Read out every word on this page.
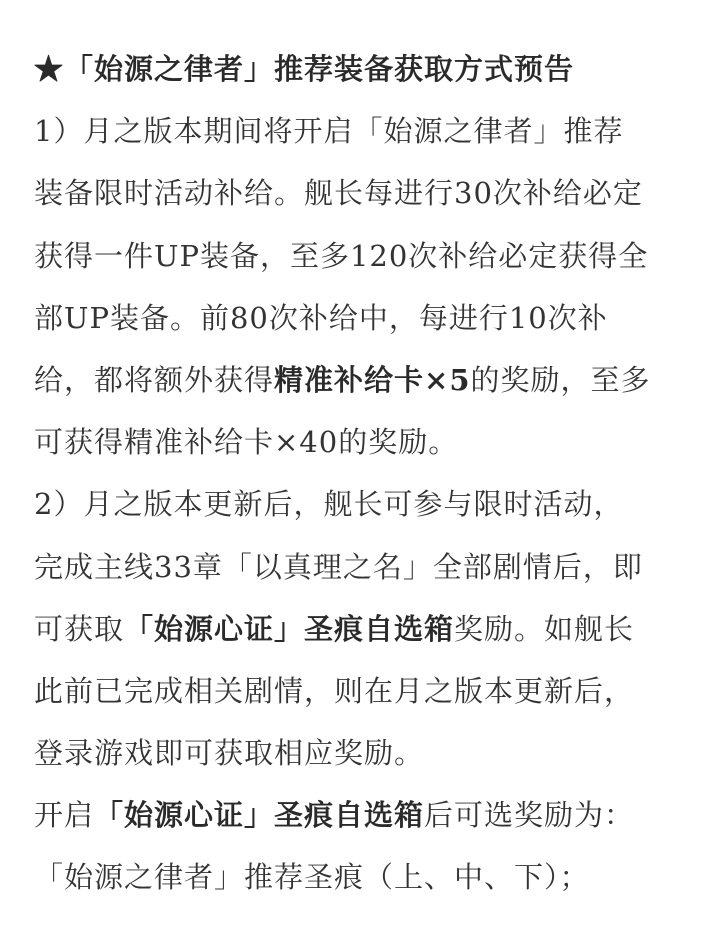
★「始源之律者」推荐装备获取方式预告
1）月之版本期间将开启「始源之律者」推荐
装备限时活动补给。舰长每进行30次补给必定
获得一件UP装备，至多120次补给必定获得全
部UP装备。前80次补给中，每进行10次补
给，都将额外获得精准补给卡×5的奖励，至多
可获得精准补给卡×40的奖励。
2）月之版本更新后，舰长可参与限时活动，
完成主线33章「以真理之名」全部剧情后，即
可获取「始源心证」圣痕自选箱奖励。如舰长
此前已完成相关剧情，则在月之版本更新后，
登录游戏即可获取相应奖励。
开启「始源心证」圣痕自选箱后可选奖励为：
「始源之律者」推荐圣痕（上、中、下）；
